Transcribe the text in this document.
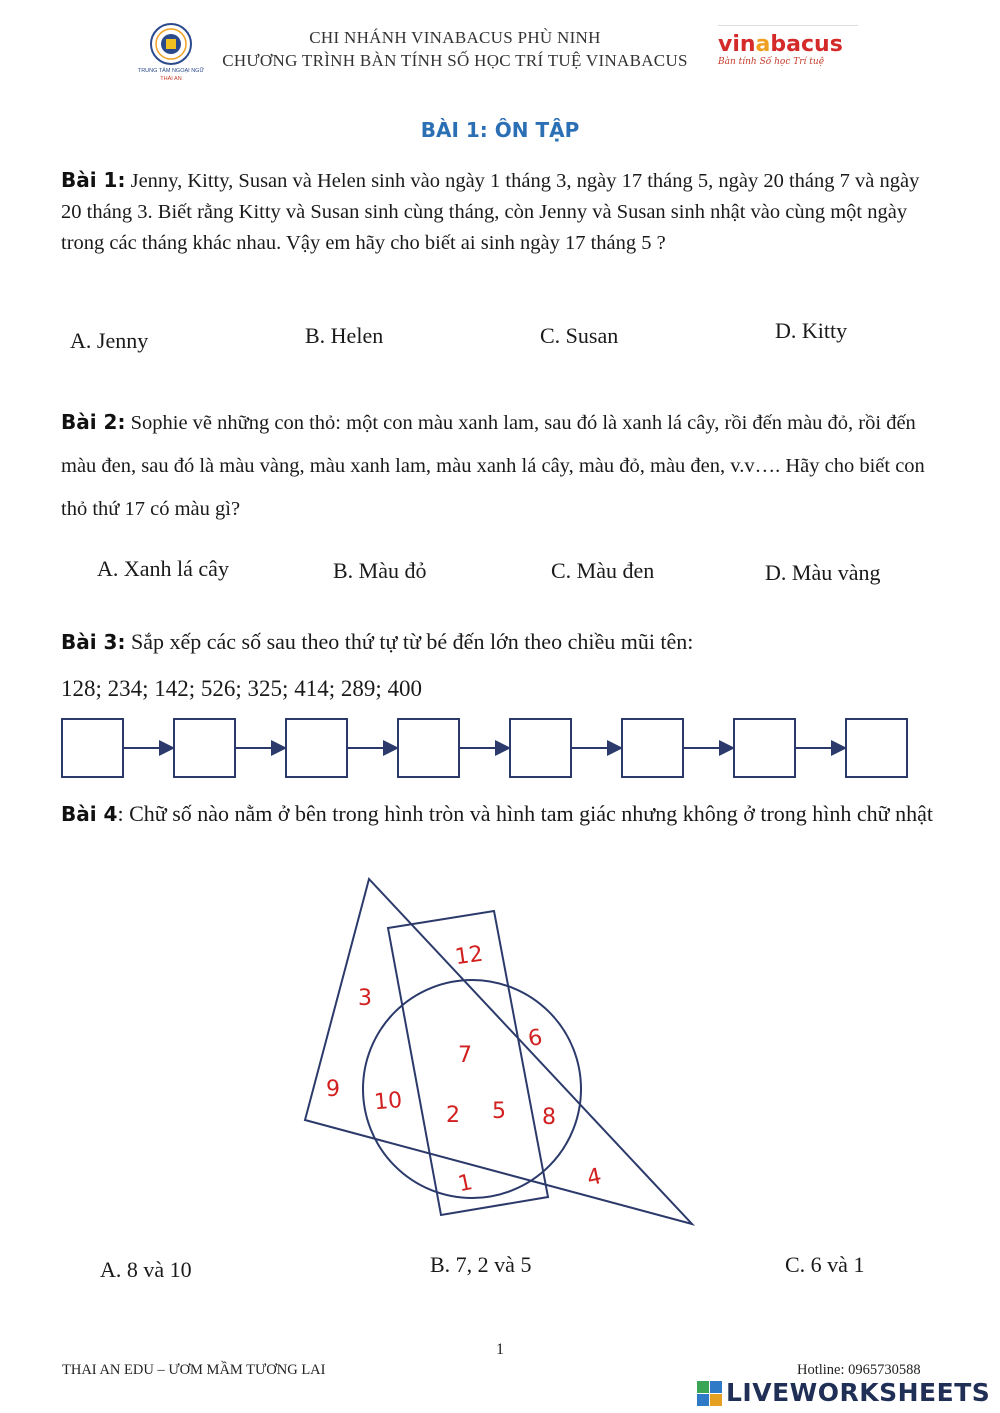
TRUNG TÂM NGOẠI NGỮ
THÁI AN
CHI NHÁNH VINABACUS PHÙ NINH
CHƯƠNG TRÌNH BÀN TÍNH SỐ HỌC TRÍ TUỆ VINABACUS
vinabacus
Bàn tính Số học Trí tuệ
BÀI 1: ÔN TẬP
Bài 1: Jenny, Kitty, Susan và Helen sinh vào ngày 1 tháng 3, ngày 17 tháng 5, ngày 20 tháng 7 và ngày 20 tháng 3. Biết rằng Kitty và Susan sinh cùng tháng, còn Jenny và Susan sinh nhật vào cùng một ngày trong các tháng khác nhau. Vậy em hãy cho biết ai sinh ngày 17 tháng 5 ?
A. Jenny	B. Helen	C. Susan	D. Kitty
Bài 2: Sophie vẽ những con thỏ: một con màu xanh lam, sau đó là xanh lá cây, rồi đến màu đỏ, rồi đến màu đen, sau đó là màu vàng, màu xanh lam, màu xanh lá cây, màu đỏ, màu đen, v.v…. Hãy cho biết con thỏ thứ 17 có màu gì?
A. Xanh lá cây	B. Màu đỏ	C. Màu đen	D. Màu vàng
Bài 3: Sắp xếp các số sau theo thứ tự từ bé đến lớn theo chiều mũi tên:
128; 234; 142; 526; 325; 414; 289; 400
Bài 4: Chữ số nào nằm ở bên trong hình tròn và hình tam giác nhưng không ở trong hình chữ nhật
12
3
6
7
9 10
2 5 8
1	4
A. 8 và 10	B. 7, 2 và 5	C. 6 và 1
1
THAI AN EDU – ƯƠM MẦM TƯƠNG LAI	Hotline: 0965730588
LIVEWORKSHEETS
